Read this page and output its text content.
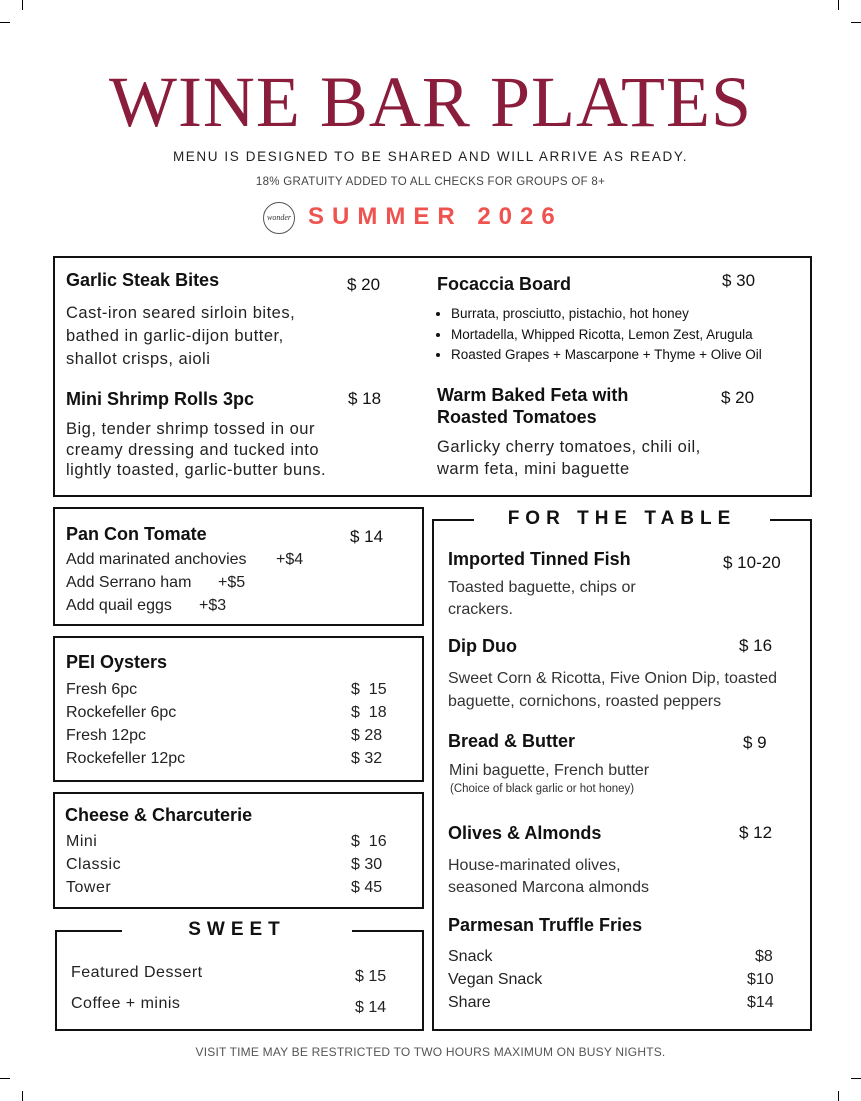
WINE BAR PLATES
MENU IS DESIGNED TO BE SHARED AND WILL ARRIVE AS READY.
18% GRATUITY ADDED TO ALL CHECKS FOR GROUPS OF 8+
wonder SUMMER 2026
Garlic Steak Bites	$ 20
Cast-iron seared sirloin bites,
bathed in garlic-dijon butter,
shallot crisps, aioli
Focaccia Board	$ 30
• Burrata, prosciutto, pistachio, hot honey
• Mortadella, Whipped Ricotta, Lemon Zest, Arugula
• Roasted Grapes + Mascarpone + Thyme + Olive Oil
Mini Shrimp Rolls 3pc	$ 18
Big, tender shrimp tossed in our
creamy dressing and tucked into
lightly toasted, garlic-butter buns.
Warm Baked Feta with
Roasted Tomatoes
$ 20
Garlicky cherry tomatoes, chili oil,
warm feta, mini baguette
Pan Con Tomate	$ 14
Add marinated anchovies +$4
Add Serrano ham +$5
Add quail eggs +$3
PEI Oysters
Fresh 6pc	$  15
Rockefeller 6pc	$  18
Fresh 12pc	$ 28
Rockefeller 12pc	$ 32
Cheese & Charcuterie
Mini	$  16
Classic	$ 30
Tower	$ 45
SWEET
Featured Dessert	$ 15
Coffee + minis	$ 14
FOR THE TABLE
Imported Tinned Fish	$ 10-20
Toasted baguette, chips or
crackers.
Dip Duo	$ 16
Sweet Corn & Ricotta, Five Onion Dip, toasted
baguette, cornichons, roasted peppers
Bread & Butter	$ 9
Mini baguette, French butter
(Choice of black garlic or hot honey)
Olives & Almonds	$ 12
House-marinated olives,
seasoned Marcona almonds
Parmesan Truffle Fries
Snack	$8
Vegan Snack	$10
Share	$14
VISIT TIME MAY BE RESTRICTED TO TWO HOURS MAXIMUM ON BUSY NIGHTS.
